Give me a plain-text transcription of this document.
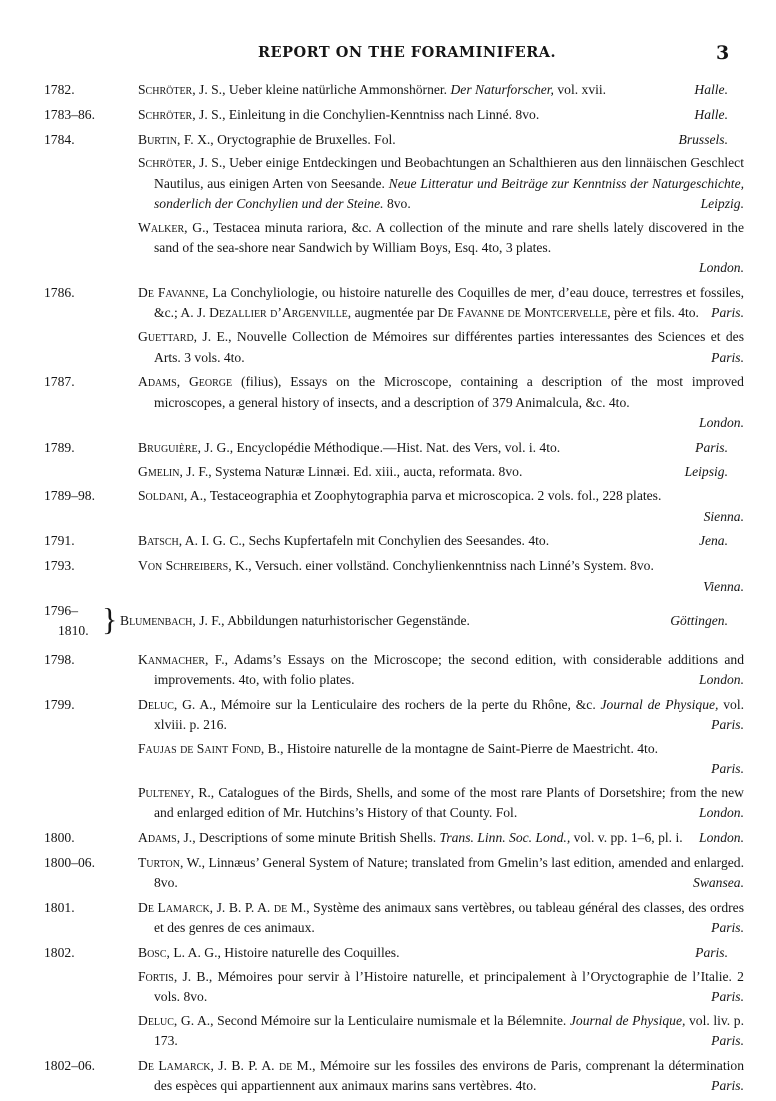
REPORT ON THE FORAMINIFERA.	3
1782.	Schröter, J. S., Ueber kleine natürliche Ammonshörner. Der Naturforscher, vol. xvii.	Halle.
1783–86.	Schröter, J. S., Einleitung in die Conchylien-Kenntniss nach Linné. 8vo.	Halle.
1784.	Burtin, F. X., Oryctographie de Bruxelles. Fol.	Brussels.
Schröter, J. S., Ueber einige Entdeckingen und Beobachtungen an Schalthieren aus den linnäischen Geschlect Nautilus, aus einigen Arten von Seesande. Neue Litteratur und Beiträge zur Kenntniss der Naturgeschichte, sonderlich der Conchylien und der Steine. 8vo.	Leipzig.
Walker, G., Testacea minuta rariora, &c. A collection of the minute and rare shells lately discovered in the sand of the sea-shore near Sandwich by William Boys, Esq. 4to, 3 plates.
London.
1786.	De Favanne, La Conchyliologie, ou histoire naturelle des Coquilles de mer, d’eau douce, terrestres et fossiles, &c.; A. J. Dezallier d’Argenville, augmentée par De Favanne de Montcervelle, père et fils. 4to. Paris.
Guettard, J. E., Nouvelle Collection de Mémoires sur différentes parties interessantes des Sciences et des Arts. 3 vols. 4to.	Paris.
1787.	Adams, George (filius), Essays on the Microscope, containing a description of the most improved microscopes, a general history of insects, and a description of 379 Animalcula, &c. 4to.
London.
1789.	Bruguière, J. G., Encyclopédie Méthodique.—Hist. Nat. des Vers, vol. i. 4to.	Paris.
Gmelin, J. F., Systema Naturæ Linnæi. Ed. xiii., aucta, reformata. 8vo.	Leipsig.
1789–98.	Soldani, A., Testaceographia et Zoophytographia parva et microscopica. 2 vols. fol., 228 plates.
Sienna.
1791.	Batsch, A. I. G. C., Sechs Kupfertafeln mit Conchylien des Seesandes. 4to.	Jena.
1793.	Von Schreibers, K., Versuch. einer vollständ. Conchylienkenntniss nach Linné’s System. 8vo.
Vienna.
1796–
1810. } Blumenbach, J. F., Abbildungen naturhistorischer Gegenstände.	Göttingen.
1798.	Kanmacher, F., Adams’s Essays on the Microscope; the second edition, with considerable additions and improvements. 4to, with folio plates.	London.
1799.	Deluc, G. A., Mémoire sur la Lenticulaire des rochers de la perte du Rhône, &c. Journal de Physique, vol. xlviii. p. 216.	Paris.
Faujas de Saint Fond, B., Histoire naturelle de la montagne de Saint-Pierre de Maestricht. 4to.
Paris.
Pulteney, R., Catalogues of the Birds, Shells, and some of the most rare Plants of Dorsetshire; from the new and enlarged edition of Mr. Hutchins’s History of that County. Fol.	London.
1800.	Adams, J., Descriptions of some minute British Shells. Trans. Linn. Soc. Lond., vol. v. pp. 1–6, pl. i.	London.
1800–06.	Turton, W., Linnæus’ General System of Nature; translated from Gmelin’s last edition, amended and enlarged. 8vo.	Swansea.
1801.	De Lamarck, J. B. P. A. de M., Système des animaux sans vertèbres, ou tableau général des classes, des ordres et des genres de ces animaux.	Paris.
1802.	Bosc, L. A. G., Histoire naturelle des Coquilles.	Paris.
Fortis, J. B., Mémoires pour servir à l’Histoire naturelle, et principalement à l’Oryctographie de l’Italie. 2 vols. 8vo.	Paris.
Deluc, G. A., Second Mémoire sur la Lenticulaire numismale et la Bélemnite. Journal de Physique, vol. liv. p. 173.	Paris.
1802–06.	De Lamarck, J. B. P. A. de M., Mémoire sur les fossiles des environs de Paris, comprenant la détermination des espèces qui appartiennent aux animaux marins sans vertèbres. 4to.	Paris.
